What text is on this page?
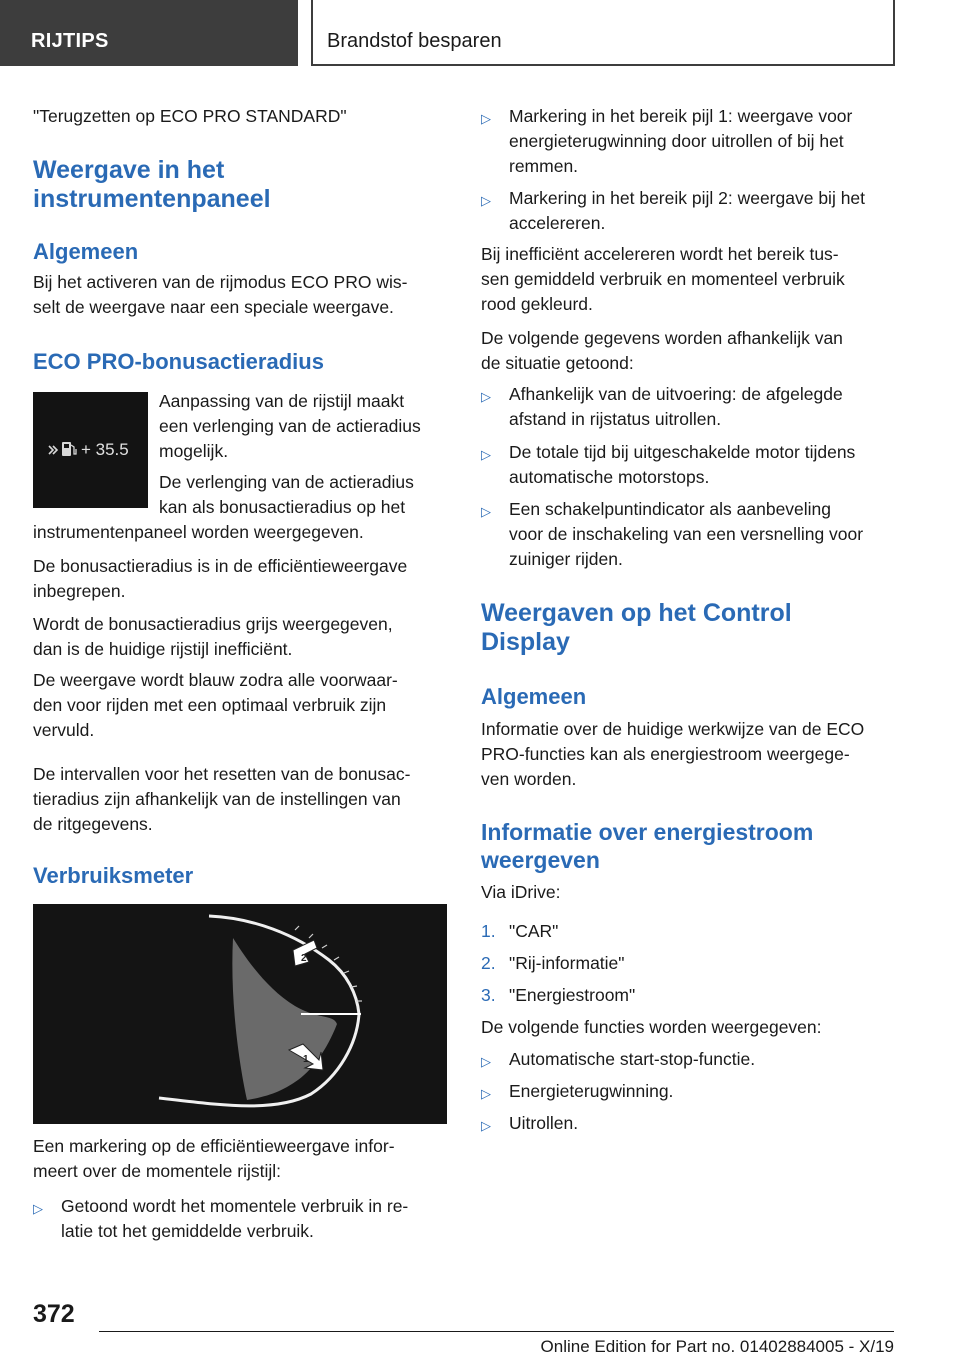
RIJTIPS	Brandstof besparen
"Terugzetten op ECO PRO STANDARD"
Weergave in het
instrumentenpaneel
Algemeen
Bij het activeren van de rijmodus ECO PRO wis-
selt de weergave naar een speciale weergave.
ECO PRO-bonusactieradius
Aanpassing van de rijstijl maakt
een verlenging van de actieradius
mogelijk.
De verlenging van de actieradius
kan als bonusactieradius op het
instrumentenpaneel worden weergegeven.
De bonusactieradius is in de efficiëntieweergave
inbegrepen.
Wordt de bonusactieradius grijs weergegeven,
dan is de huidige rijstijl inefficiënt.
De weergave wordt blauw zodra alle voorwaar-
den voor rijden met een optimaal verbruik zijn
vervuld.
De intervallen voor het resetten van de bonusac-
tieradius zijn afhankelijk van de instellingen van
de ritgegevens.
Verbruiksmeter
Een markering op de efficiëntieweergave infor-
meert over de momentele rijstijl:
▷ Getoond wordt het momentele verbruik in re-
latie tot het gemiddelde verbruik.
+ 35.5
2
1
▷ Markering in het bereik pijl 1: weergave voor
energieterugwinning door uitrollen of bij het
remmen.
▷ Markering in het bereik pijl 2: weergave bij het
accelereren.
Bij inefficiënt accelereren wordt het bereik tus-
sen gemiddeld verbruik en momenteel verbruik
rood gekleurd.
De volgende gegevens worden afhankelijk van
de situatie getoond:
▷ Afhankelijk van de uitvoering: de afgelegde
afstand in rijstatus uitrollen.
▷ De totale tijd bij uitgeschakelde motor tijdens
automatische motorstops.
▷ Een schakelpuntindicator als aanbeveling
voor de inschakeling van een versnelling voor
zuiniger rijden.
Weergaven op het Control
Display
Algemeen
Informatie over de huidige werkwijze van de ECO
PRO-functies kan als energiestroom weergege-
ven worden.
Informatie over energiestroom
weergeven
Via iDrive:
1. "CAR"
2. "Rij-informatie"
3. "Energiestroom"
De volgende functies worden weergegeven:
▷ Automatische start-stop-functie.
▷ Energieterugwinning.
▷ Uitrollen.
372
Online Edition for Part no. 01402884005 - X/19
